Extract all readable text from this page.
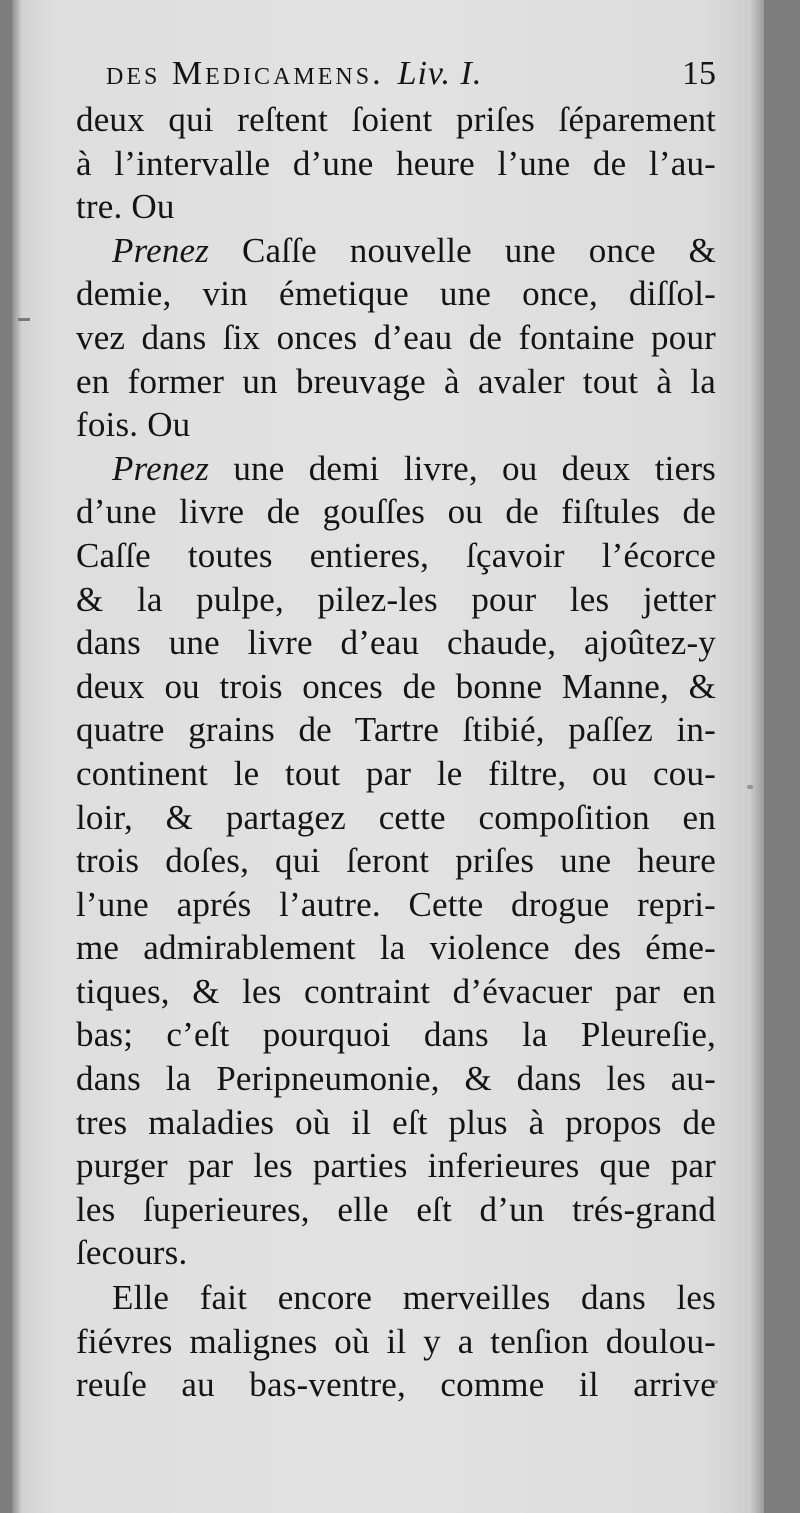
des Medicamens. Liv. I.	15
deux qui reſtent ſoient priſes ſéparement
à l’intervalle d’une heure l’une de l’au-
tre. Ou
Prenez Caſſe nouvelle une once &
demie, vin émetique une once, diſſol-
vez dans ſix onces d’eau de fontaine pour
en former un breuvage à avaler tout à la
fois. Ou
Prenez une demi livre, ou deux tiers
d’une livre de gouſſes ou de fiſtules de
Caſſe toutes entieres, ſçavoir l’écorce
& la pulpe, pilez-les pour les jetter
dans une livre d’eau chaude, ajoûtez-y
deux ou trois onces de bonne Manne, &
quatre grains de Tartre ſtibié, paſſez in-
continent le tout par le filtre, ou cou-
loir, & partagez cette compoſition en
trois doſes, qui ſeront priſes une heure
l’une aprés l’autre. Cette drogue repri-
me admirablement la violence des éme-
tiques, & les contraint d’évacuer par en
bas; c’eſt pourquoi dans la Pleureſie,
dans la Peripneumonie, & dans les au-
tres maladies où il eſt plus à propos de
purger par les parties inferieures que par
les ſuperieures, elle eſt d’un trés-grand
ſecours.
Elle fait encore merveilles dans les
fiévres malignes où il y a tenſion doulou-
reuſe au bas-ventre, comme il arrive
